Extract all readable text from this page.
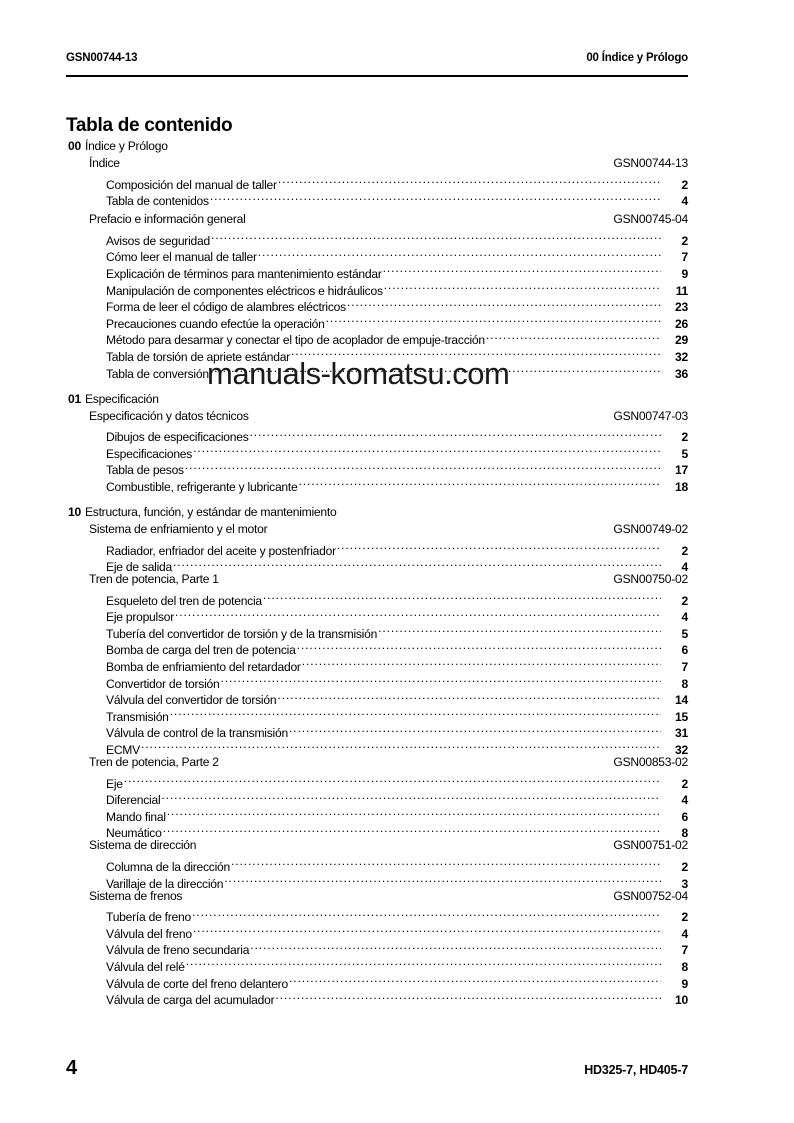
GSN00744-13	00 Índice y Prólogo
Tabla de contenido
00 Índice y Prólogo
Índice	GSN00744-13
Composición del manual de taller .....	2
Tabla de contenidos .....	4
Prefacio e información general	GSN00745-04
Avisos de seguridad .....	2
Cómo leer el manual de taller .....	7
Explicación de términos para mantenimiento estándar .....	9
Manipulación de componentes eléctricos e hidráulicos .....	11
Forma de leer el código de alambres eléctricos .....	23
Precauciones cuando efectúe la operación .....	26
Método para desarmar y conectar el tipo de acoplador de empuje-tracción .....	29
Tabla de torsión de apriete estándar .....	32
Tabla de conversión .....	36
01 Especificación
Especificación y datos técnicos	GSN00747-03
Dibujos de especificaciones .....	2
Especificaciones .....	5
Tabla de pesos .....	17
Combustible, refrigerante y lubricante .....	18
10 Estructura, función, y estándar de mantenimiento
Sistema de enfriamiento y el motor	GSN00749-02
Radiador, enfriador del aceite y postenfriador .....	2
Eje de salida .....	4
Tren de potencia, Parte 1	GSN00750-02
Esqueleto del tren de potencia .....	2
Eje propulsor .....	4
Tubería del convertidor de torsión y de la transmisión .....	5
Bomba de carga del tren de potencia .....	6
Bomba de enfriamiento del retardador .....	7
Convertidor de torsión .....	8
Válvula del convertidor de torsión .....	14
Transmisión .....	15
Válvula de control de la transmisión .....	31
ECMV .....	32
Tren de potencia, Parte 2	GSN00853-02
Eje .....	2
Diferencial .....	4
Mando final .....	6
Neumático .....	8
Sistema de dirección	GSN00751-02
Columna de la dirección .....	2
Varillaje de la dirección .....	3
Sistema de frenos	GSN00752-04
Tubería de freno .....	2
Válvula del freno .....	4
Válvula de freno secundaria .....	7
Válvula del relé .....	8
Válvula de corte del freno delantero .....	9
Válvula de carga del acumulador .....	10
manuals-komatsu.com
4	HD325-7, HD405-7
